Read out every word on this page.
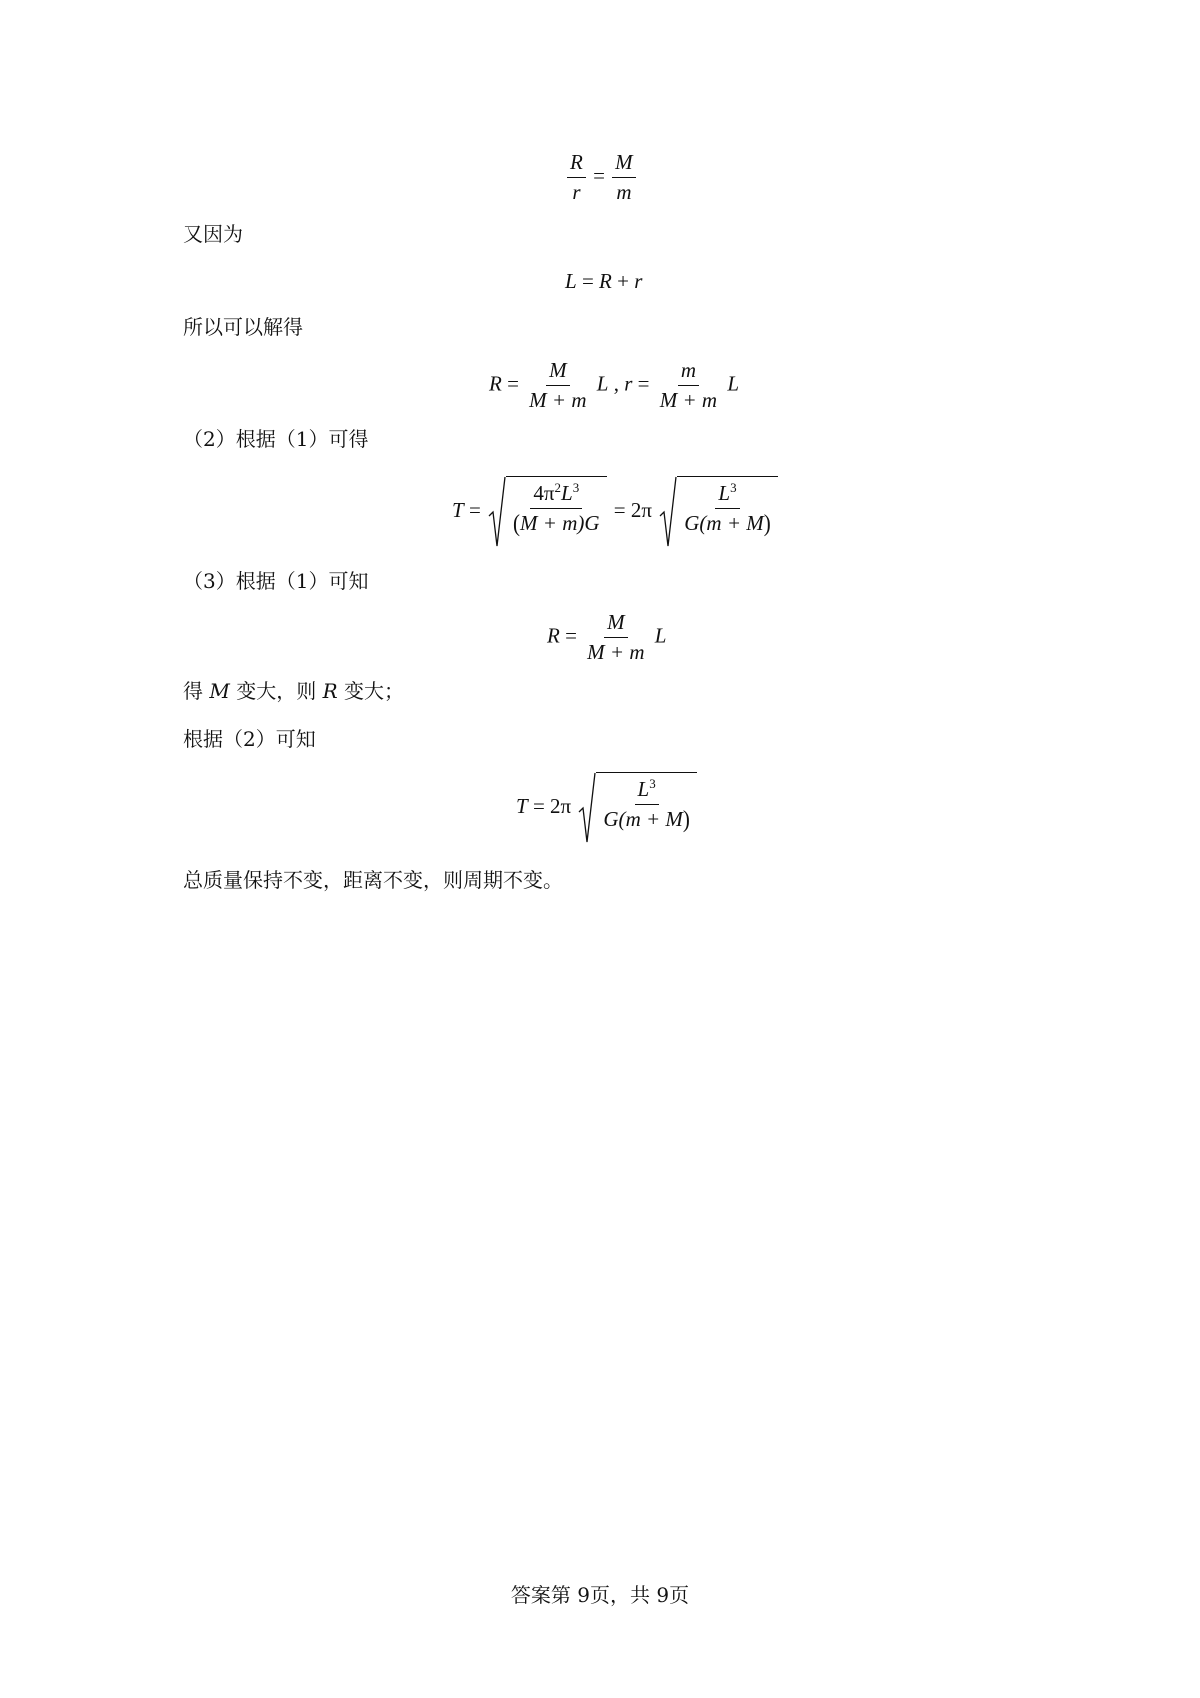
$\frac{R}{r} = \frac{M}{m}$
又因为
L = R + r
所以可以解得
$R = \frac{M}{M + m}$ L , $r = \frac{m}{M + m}$ L
（2）根据（1）可得
$T = \frac{4\pi^2L^3}{(M + m)G} = 2\pi \frac{L^3}{G(m + M)}$
（3）根据（1）可知
$R = \frac{M}{M + m}$ L
得 M 变大，则 R 变大；
根据（2）可知
$T = 2\pi \frac{L^3}{G(m + M)}$
总质量保持不变，距离不变，则周期不变。
答案第 9页，共 9页
